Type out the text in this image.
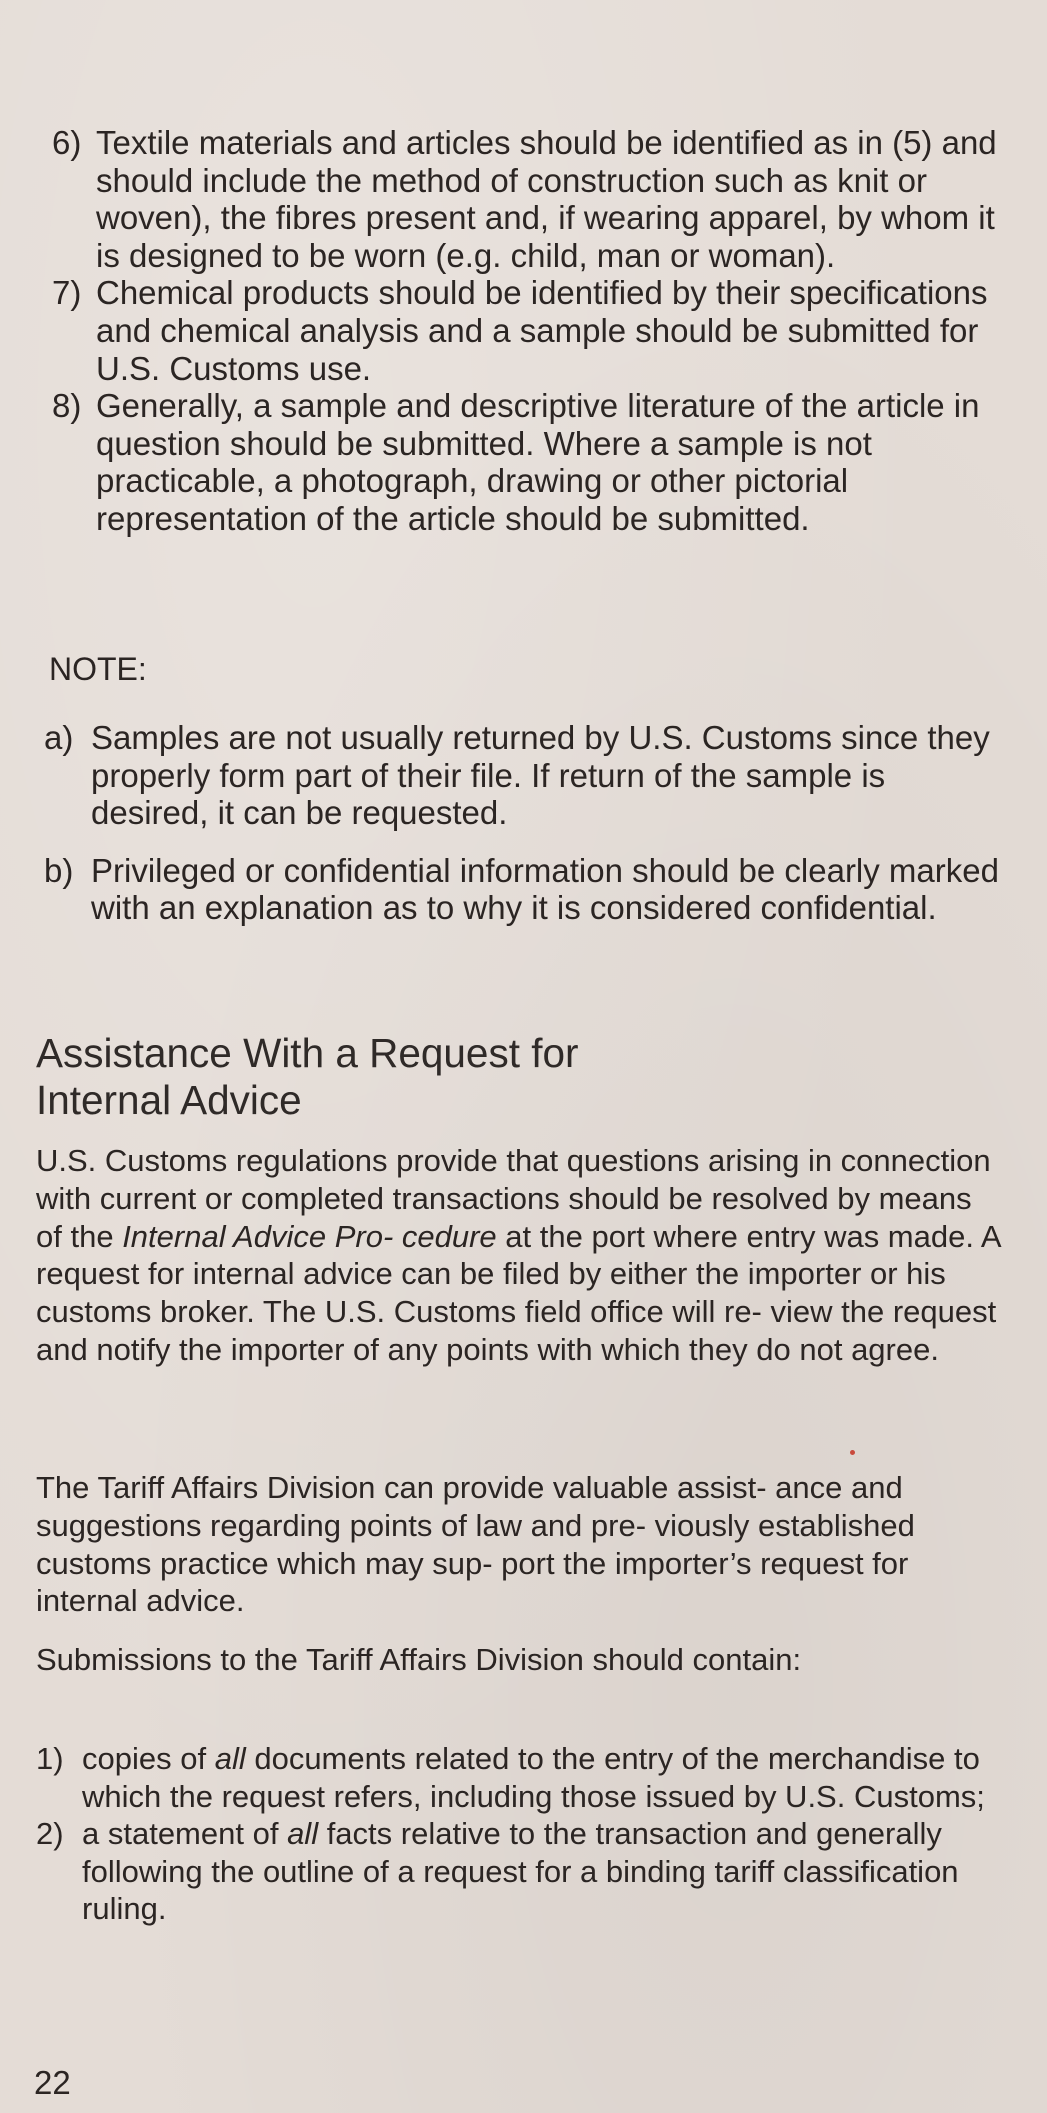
6) Textile materials and articles should be identified as in (5) and should include the method of construction such as knit or woven), the fibres present and, if wearing apparel, by whom it is designed to be worn (e.g. child, man or woman).
7) Chemical products should be identified by their specifications and chemical analysis and a sample should be submitted for U.S. Customs use.
8) Generally, a sample and descriptive literature of the article in question should be submitted. Where a sample is not practicable, a photograph, drawing or other pictorial representation of the article should be submitted.
NOTE:
a) Samples are not usually returned by U.S. Customs since they properly form part of their file. If return of the sample is desired, it can be requested.
b) Privileged or confidential information should be clearly marked with an explanation as to why it is considered confidential.
Assistance With a Request for
Internal Advice
U.S. Customs regulations provide that questions arising in connection with current or completed transactions should be resolved by means of the Internal Advice Pro- cedure at the port where entry was made. A request for internal advice can be filed by either the importer or his customs broker. The U.S. Customs field office will re- view the request and notify the importer of any points with which they do not agree.
The Tariff Affairs Division can provide valuable assist- ance and suggestions regarding points of law and pre- viously established customs practice which may sup- port the importer’s request for internal advice.
Submissions to the Tariff Affairs Division should contain:
1) copies of all documents related to the entry of the merchandise to which the request refers, including those issued by U.S. Customs;
2) a statement of all facts relative to the transaction and generally following the outline of a request for a binding tariff classification ruling.
22
